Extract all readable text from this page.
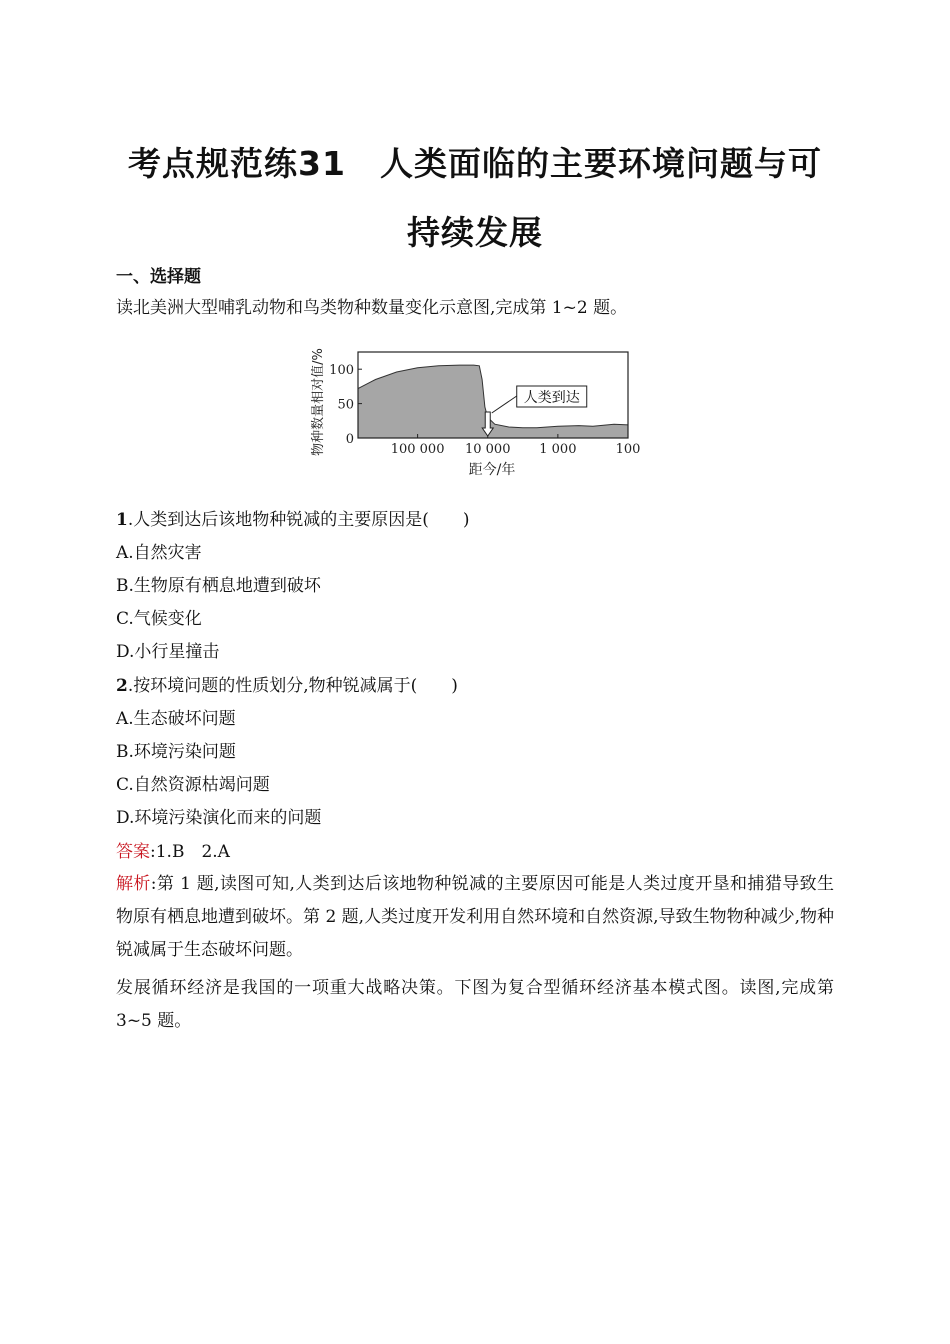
考点规范练31　人类面临的主要环境问题与可
持续发展
一、选择题
读北美洲大型哺乳动物和鸟类物种数量变化示意图,完成第 1~2 题。
物种数量相对值/% 0
50
100
100 000 10 000 1 000	100
人类到达
距今/年
1.人类到达后该地物种锐减的主要原因是(　　)
A.自然灾害
B.生物原有栖息地遭到破坏
C.气候变化
D.小行星撞击
2.按环境问题的性质划分,物种锐减属于(　　)
A.生态破坏问题
B.环境污染问题
C.自然资源枯竭问题
D.环境污染演化而来的问题
答案:1.B　2.A
解析:第 1 题,读图可知,人类到达后该地物种锐减的主要原因可能是人类过度开垦和捕猎导致生物原有栖息地遭到破坏。第 2 题,人类过度开发利用自然环境和自然资源,导致生物物种减少,物种锐减属于生态破坏问题。
发展循环经济是我国的一项重大战略决策。下图为复合型循环经济基本模式图。读图,完成第 3~5 题。
